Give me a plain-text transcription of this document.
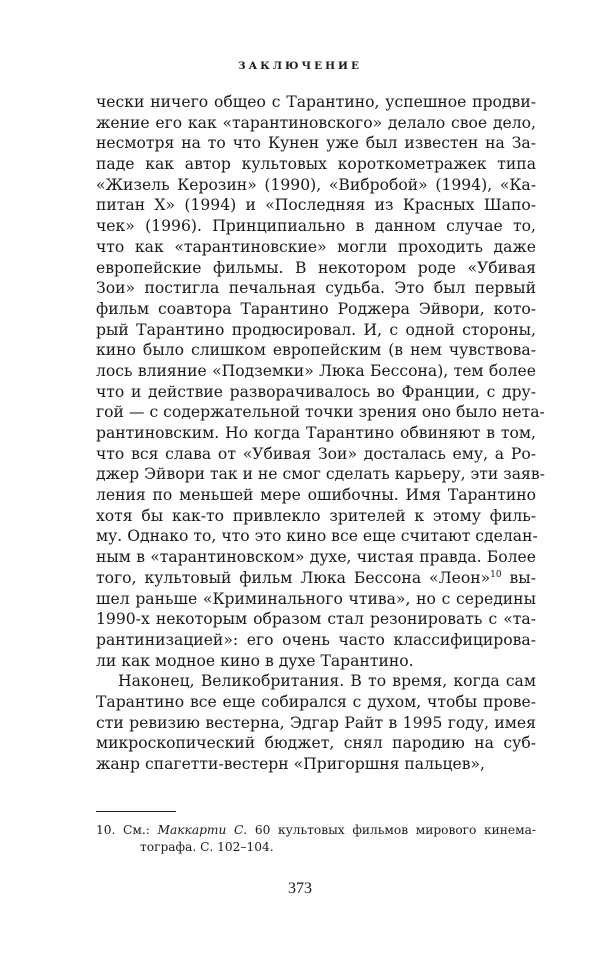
ЗАКЛЮЧЕНИЕ
чески ничего общео с Тарантино, успешное продви-
жение его как «тарантиновского» делало свое дело,
несмотря на то что Кунен уже был известен на За-
паде как автор культовых короткометражек типа
«Жизель Керозин» (1990), «Вибробой» (1994), «Ка-
питан Х» (1994) и «Последняя из Красных Шапо-
чек» (1996). Принципиально в данном случае то,
что как «тарантиновские» могли проходить даже
европейские фильмы. В некотором роде «Убивая
Зои» постигла печальная судьба. Это был первый
фильм соавтора Тарантино Роджера Эйвори, кото-
рый Тарантино продюсировал. И, с одной стороны,
кино было слишком европейским (в нем чувствова-
лось влияние «Подземки» Люка Бессона), тем более
что и действие разворачивалось во Франции, с дру-
гой — с содержательной точки зрения оно было нета-
рантиновским. Но когда Тарантино обвиняют в том,
что вся слава от «Убивая Зои» досталась ему, а Ро-
джер Эйвори так и не смог сделать карьеру, эти заяв-
ления по меньшей мере ошибочны. Имя Тарантино
хотя бы как-то привлекло зрителей к этому филь-
му. Однако то, что это кино все еще считают сделан-
ным в «тарантиновском» духе, чистая правда. Более
того, культовый фильм Люка Бессона «Леон»$^{10}$ вы-
шел раньше «Криминального чтива», но с середины
1990-х некоторым образом стал резонировать с «та-
рантинизацией»: его очень часто классифицирова-
ли как модное кино в духе Тарантино.
Наконец, Великобритания. В то время, когда сам
Тарантино все еще собирался с духом, чтобы прове-
сти ревизию вестерна, Эдгар Райт в 1995 году, имея
микроскопический бюджет, снял пародию на суб-
жанр спагетти-вестерн «Пригоршня пальцев»,
10. См.: Маккарти С. 60 культовых фильмов мирового кинема-
тографа. С. 102–104.
373
